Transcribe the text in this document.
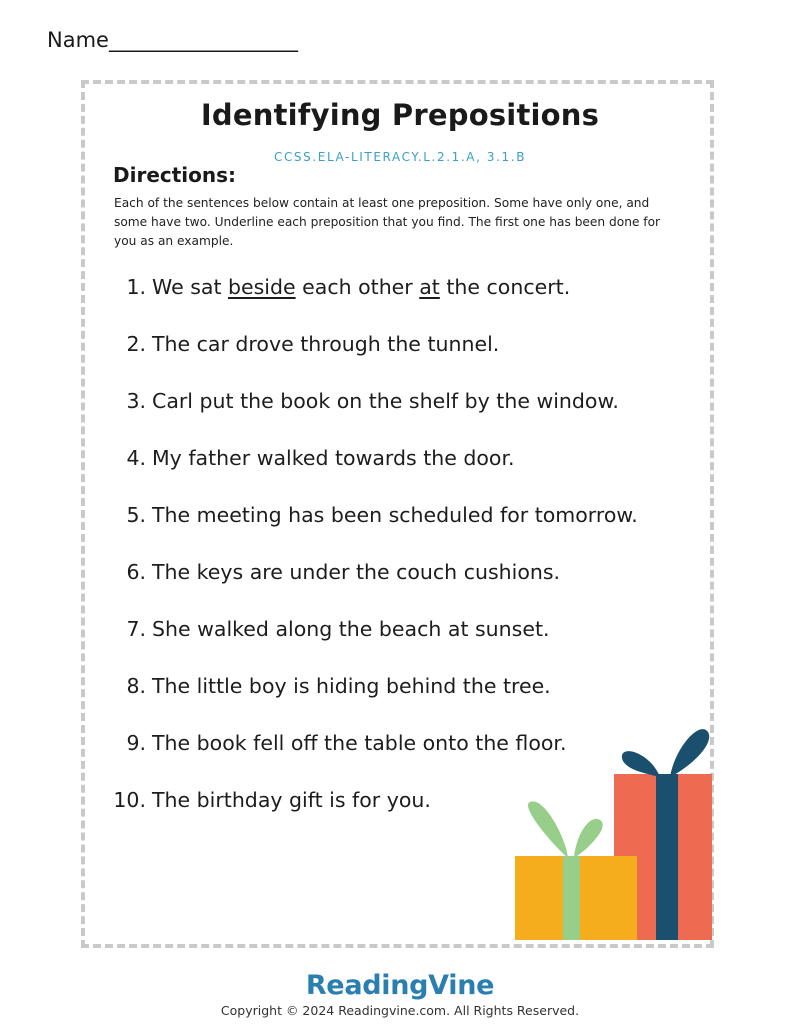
Name__________________
Identifying Prepositions
CCSS.ELA-LITERACY.L.2.1.A, 3.1.B
Directions:
Each of the sentences below contain at least one preposition. Some have only one, and some have two. Underline each preposition that you find. The first one has been done for you as an example.
1. We sat beside each other at the concert.
2. The car drove through the tunnel.
3. Carl put the book on the shelf by the window.
4. My father walked towards the door.
5. The meeting has been scheduled for tomorrow.
6. The keys are under the couch cushions.
7. She walked along the beach at sunset.
8. The little boy is hiding behind the tree.
9. The book fell off the table onto the floor.
10. The birthday gift is for you.
ReadingVine
Copyright © 2024 Readingvine.com. All Rights Reserved.
